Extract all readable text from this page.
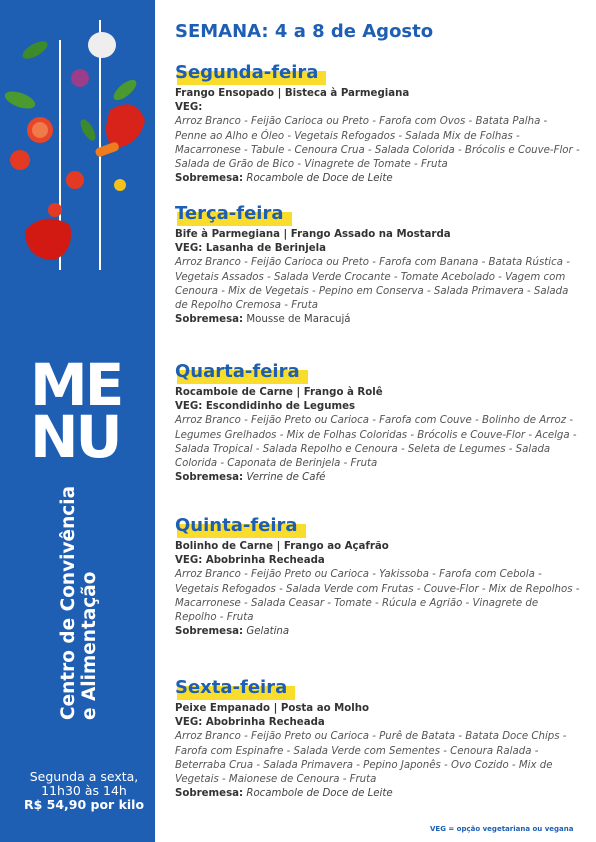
ME
NU
Centro de Convivência e Alimentação
Segunda a sexta,
11h30 às 14h
R$ 54,90 por kilo
SEMANA: 4 a 8 de Agosto
Segunda-feira
Frango Ensopado | Bisteca à Parmegiana
VEG:
Arroz Branco - Feijão Carioca ou Preto - Farofa com Ovos - Batata Palha - Penne ao Alho e Óleo - Vegetais Refogados - Salada Mix de Folhas - Macarronese - Tabule - Cenoura Crua - Salada Colorida - Brócolis e Couve-Flor - Salada de Grão de Bico - Vinagrete de Tomate - Fruta
Sobremesa: Rocambole de Doce de Leite
Terça-feira
Bife à Parmegiana | Frango Assado na Mostarda
VEG: Lasanha de Berinjela
Arroz Branco - Feijão Carioca ou Preto - Farofa com Banana - Batata Rústica - Vegetais Assados - Salada Verde Crocante - Tomate Acebolado - Vagem com Cenoura - Mix de Vegetais - Pepino em Conserva - Salada Primavera - Salada de Repolho Cremosa - Fruta
Sobremesa: Mousse de Maracujá
Quarta-feira
Rocambole de Carne | Frango à Rolê
VEG: Escondidinho de Legumes
Arroz Branco - Feijão Preto ou Carioca - Farofa com Couve - Bolinho de Arroz - Legumes Grelhados - Mix de Folhas Coloridas - Brócolis e Couve-Flor - Acelga - Salada Tropical - Salada Repolho e Cenoura - Seleta de Legumes - Salada Colorida - Caponata de Berinjela - Fruta
Sobremesa: Verrine de Café
Quinta-feira
Bolinho de Carne | Frango ao Açafrão
VEG: Abobrinha Recheada
Arroz Branco - Feijão Preto ou Carioca - Yakissoba - Farofa com Cebola - Vegetais Refogados - Salada Verde com Frutas - Couve-Flor - Mix de Repolhos - Macarronese - Salada Ceasar - Tomate - Rúcula e Agrião - Vinagrete de Repolho - Fruta
Sobremesa: Gelatina
Sexta-feira
Peixe Empanado | Posta ao Molho
VEG: Abobrinha Recheada
Arroz Branco - Feijão Preto ou Carioca - Purê de Batata - Batata Doce Chips - Farofa com Espinafre - Salada Verde com Sementes - Cenoura Ralada - Beterraba Crua - Salada Primavera - Pepino Japonês - Ovo Cozido - Mix de Vegetais - Maionese de Cenoura - Fruta
Sobremesa: Rocambole de Doce de Leite
VEG = opção vegetariana ou vegana
